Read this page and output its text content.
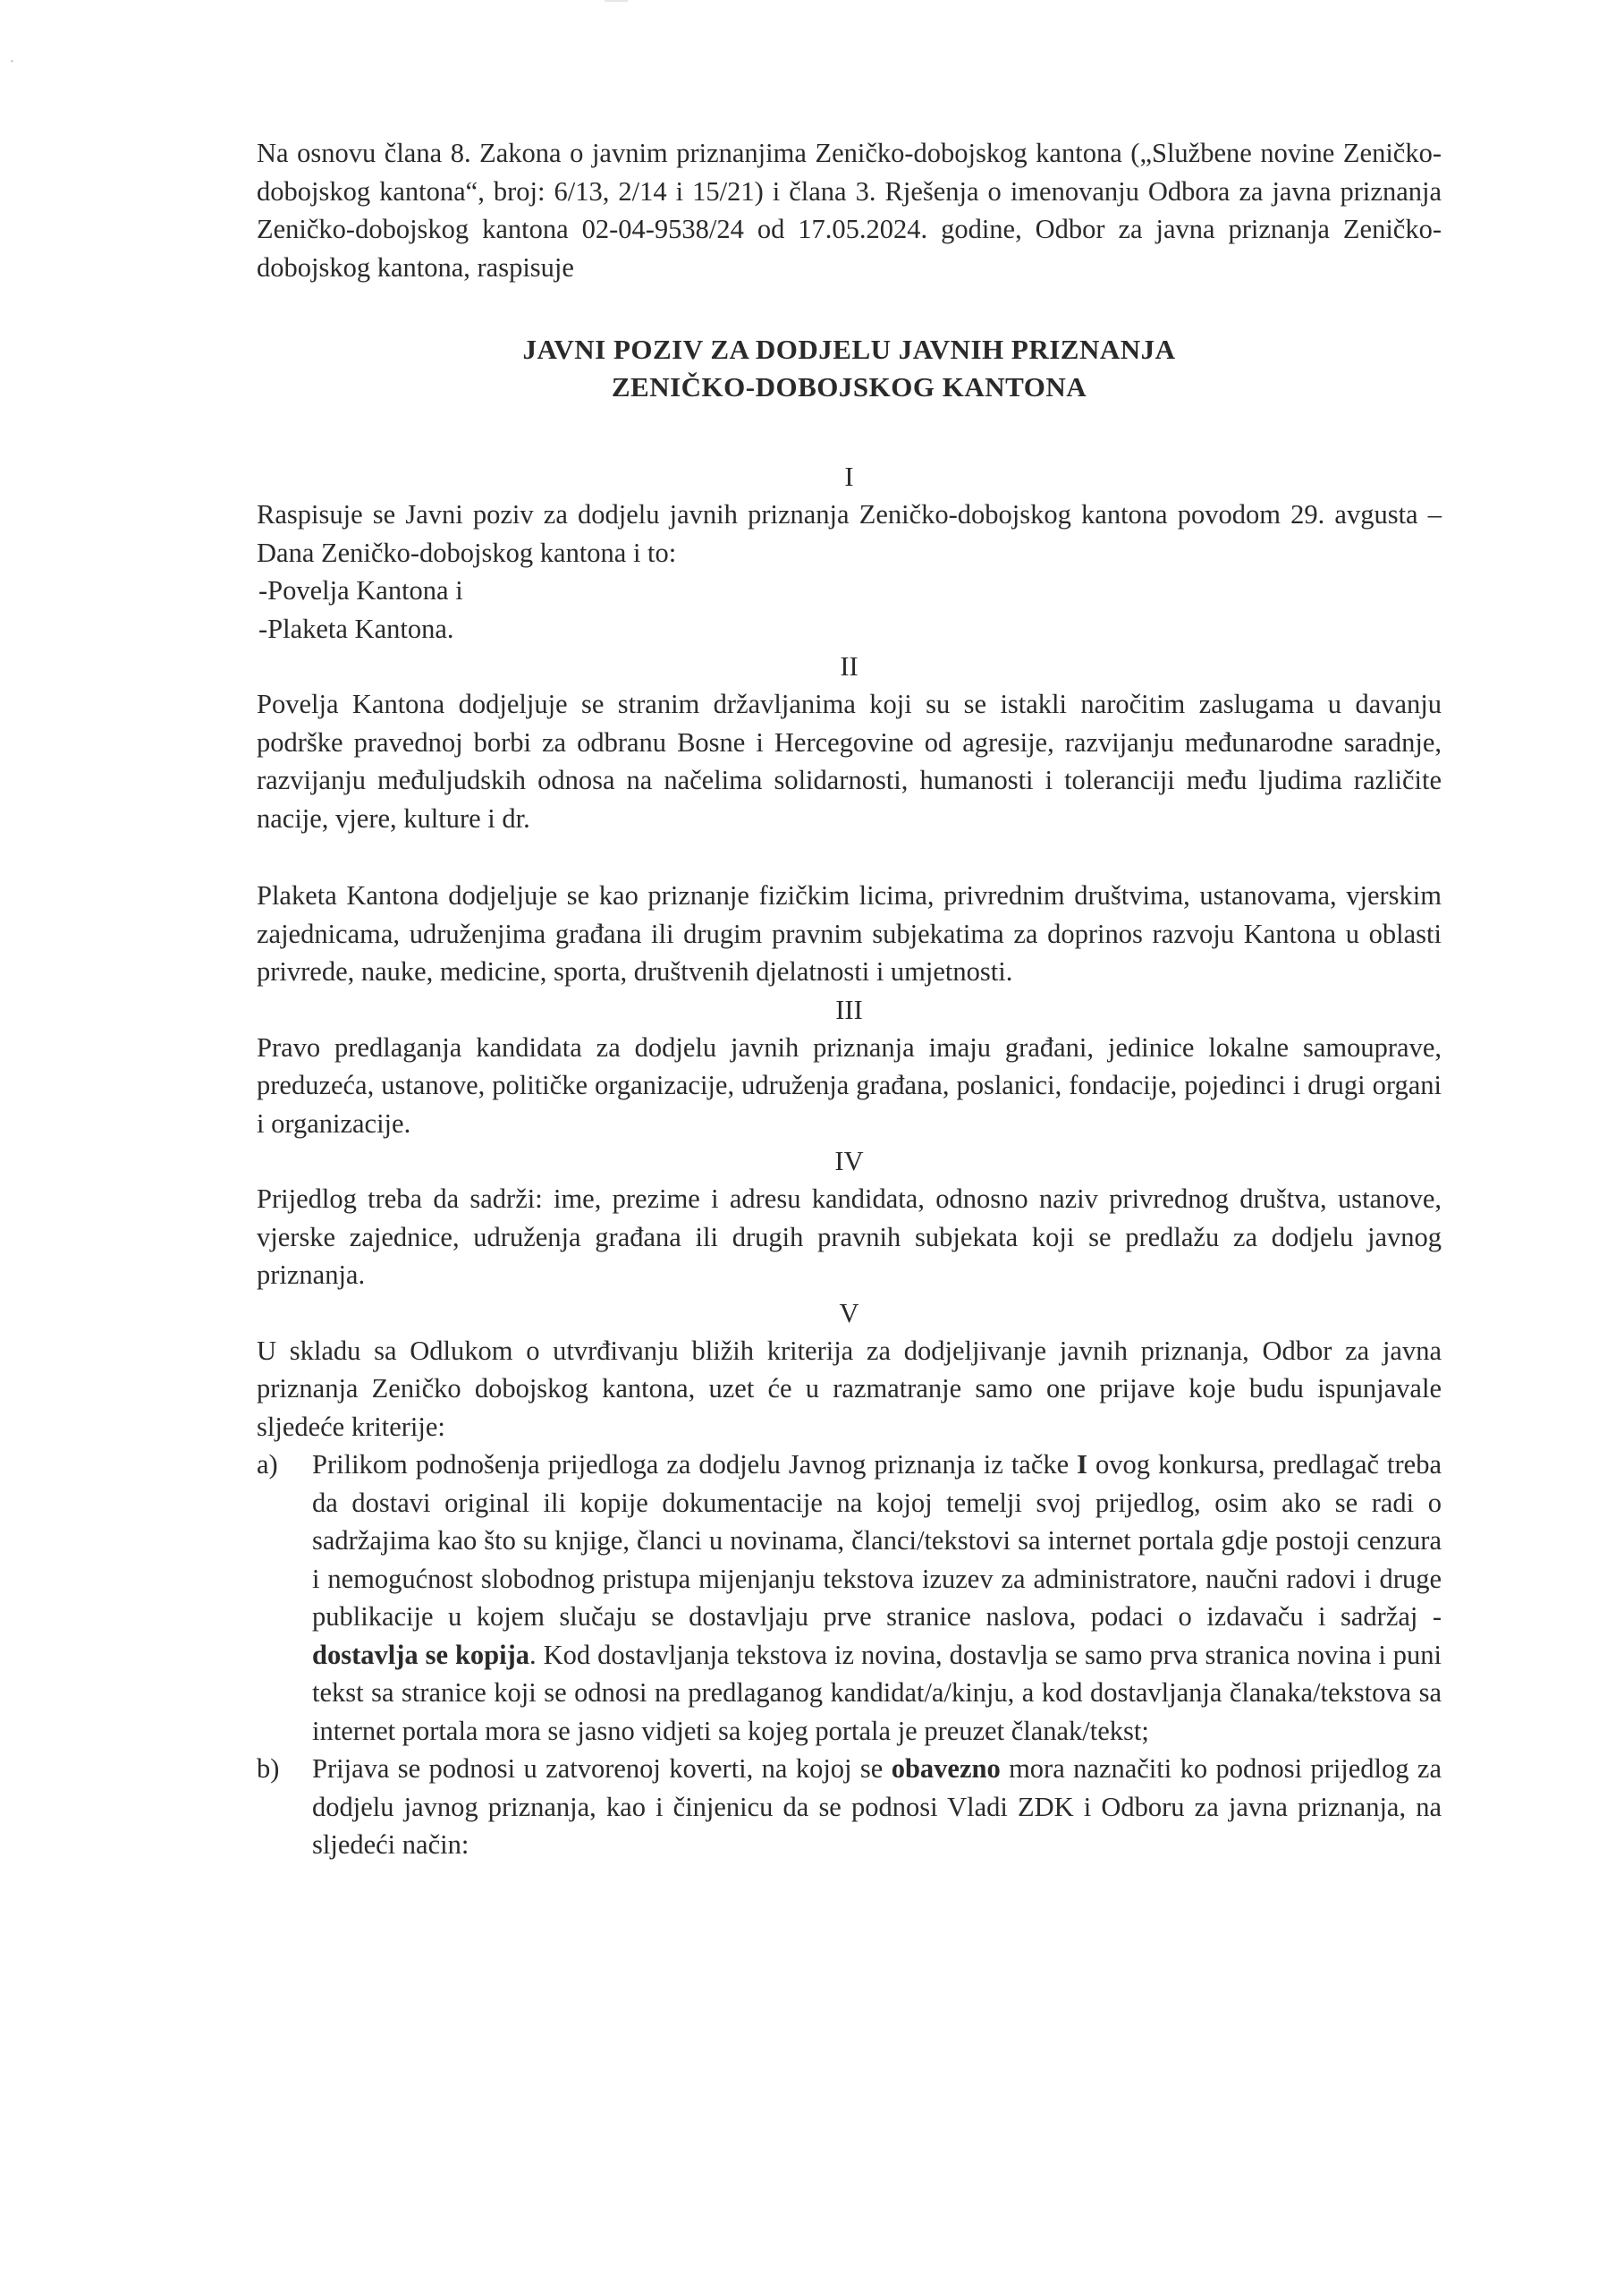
·

Na osnovu člana 8. Zakona o javnim priznanjima Zeničko-dobojskog kantona („Službene novine Zeničko-dobojskog kantona“, broj: 6/13, 2/14 i 15/21) i člana 3. Rješenja o imenovanju Odbora za javna priznanja Zeničko-dobojskog kantona 02-04-9538/24 od 17.05.2024. godine, Odbor za javna priznanja Zeničko-dobojskog kantona, raspisuje

JAVNI POZIV ZA DODJELU JAVNIH PRIZNANJA
ZENIČKO-DOBOJSKOG KANTONA
I

Raspisuje se Javni poziv za dodjelu javnih priznanja Zeničko-dobojskog kantona povodom 29. avgusta – Dana Zeničko-dobojskog kantona i to:

-Povelja Kantona i
-Plaketa Kantona.
II

Povelja Kantona dodjeljuje se stranim državljanima koji su se istakli naročitim zaslugama u davanju podrške pravednoj borbi za odbranu Bosne i Hercegovine od agresije, razvijanju međunarodne saradnje, razvijanju međuljudskih odnosa na načelima solidarnosti, humanosti i toleranciji među ljudima različite nacije, vjere, kulture i dr.

Plaketa Kantona dodjeljuje se kao priznanje fizičkim licima, privrednim društvima, ustanovama, vjerskim zajednicama, udruženjima građana ili drugim pravnim subjekatima za doprinos razvoju Kantona u oblasti privrede, nauke, medicine, sporta, društvenih djelatnosti i umjetnosti.

III

Pravo predlaganja kandidata za dodjelu javnih priznanja imaju građani, jedinice lokalne samouprave, preduzeća, ustanove, političke organizacije, udruženja građana, poslanici, fondacije, pojedinci i drugi organi i organizacije.

IV

Prijedlog treba da sadrži: ime, prezime i adresu kandidata, odnosno naziv privrednog društva, ustanove, vjerske zajednice, udruženja građana ili drugih pravnih subjekata koji se predlažu za dodjelu javnog priznanja.

V

U skladu sa Odlukom o utvrđivanju bližih kriterija za dodjeljivanje javnih priznanja, Odbor za javna priznanja Zeničko dobojskog kantona, uzet će u razmatranje samo one prijave koje budu ispunjavale sljedeće kriterije:

a)	Prilikom podnošenja prijedloga za dodjelu Javnog priznanja iz tačke I ovog konkursa, predlagač treba da dostavi original ili kopije dokumentacije na kojoj temelji svoj prijedlog, osim ako se radi o sadržajima kao što su knjige, članci u novinama, članci/tekstovi sa internet portala gdje postoji cenzura i nemogućnost slobodnog pristupa mijenjanju tekstova izuzev za administratore, naučni radovi i druge publikacije u kojem slučaju se dostavljaju prve stranice naslova, podaci o izdavaču i sadržaj - dostavlja se kopija. Kod dostavljanja tekstova iz novina, dostavlja se samo prva stranica novina i puni tekst sa stranice koji se odnosi na predlaganog kandidat/a/kinju, a kod dostavljanja članaka/tekstova sa internet portala mora se jasno vidjeti sa kojeg portala je preuzet članak/tekst;
b)	Prijava se podnosi u zatvorenoj koverti, na kojoj se obavezno mora naznačiti ko podnosi prijedlog za dodjelu javnog priznanja, kao i činjenicu da se podnosi Vladi ZDK i Odboru za javna priznanja, na sljedeći način:
